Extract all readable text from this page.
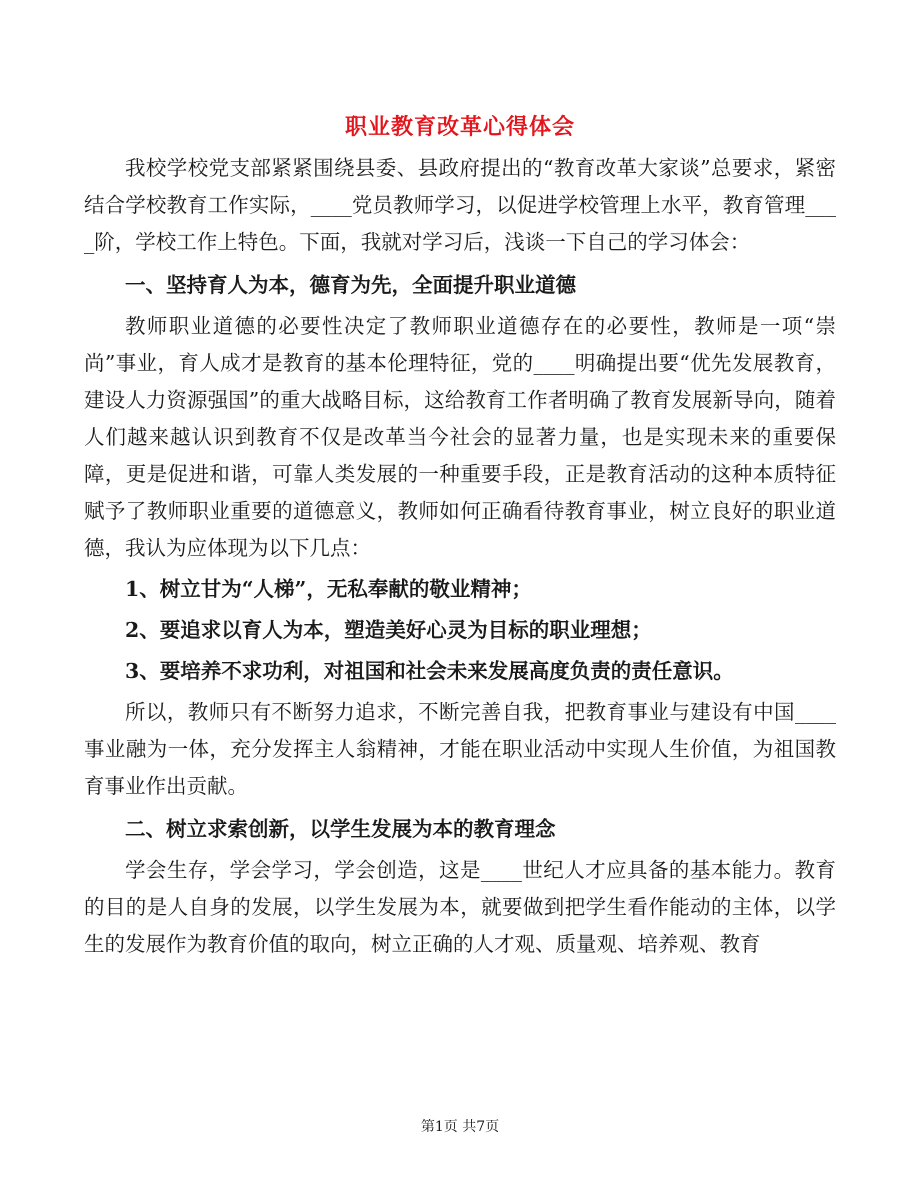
职业教育改革心得体会

我校学校党支部紧紧围绕县委、县政府提出的“教育改革大家谈”总要求，紧密结合学校教育工作实际，____党员教师学习，以促进学校管理上水平，教育管理____阶，学校工作上特色。下面，我就对学习后，浅谈一下自己的学习体会：

一、坚持育人为本，德育为先，全面提升职业道德

教师职业道德的必要性决定了教师职业道德存在的必要性，教师是一项“崇尚”事业，育人成才是教育的基本伦理特征，党的____明确提出要“优先发展教育，建设人力资源强国”的重大战略目标，这给教育工作者明确了教育发展新导向，随着人们越来越认识到教育不仅是改革当今社会的显著力量，也是实现未来的重要保障，更是促进和谐，可靠人类发展的一种重要手段，正是教育活动的这种本质特征赋予了教师职业重要的道德意义，教师如何正确看待教育事业，树立良好的职业道德，我认为应体现为以下几点：

1、树立甘为“人梯”，无私奉献的敬业精神；

2、要追求以育人为本，塑造美好心灵为目标的职业理想；

3、要培养不求功利，对祖国和社会未来发展高度负责的责任意识。

所以，教师只有不断努力追求，不断完善自我，把教育事业与建设有中国____事业融为一体，充分发挥主人翁精神，才能在职业活动中实现人生价值，为祖国教育事业作出贡献。

二、树立求索创新，以学生发展为本的教育理念

学会生存，学会学习，学会创造，这是____世纪人才应具备的基本能力。教育的目的是人自身的发展，以学生发展为本，就要做到把学生看作能动的主体，以学生的发展作为教育价值的取向，树立正确的人才观、质量观、培养观、教育

第1页 共7页
